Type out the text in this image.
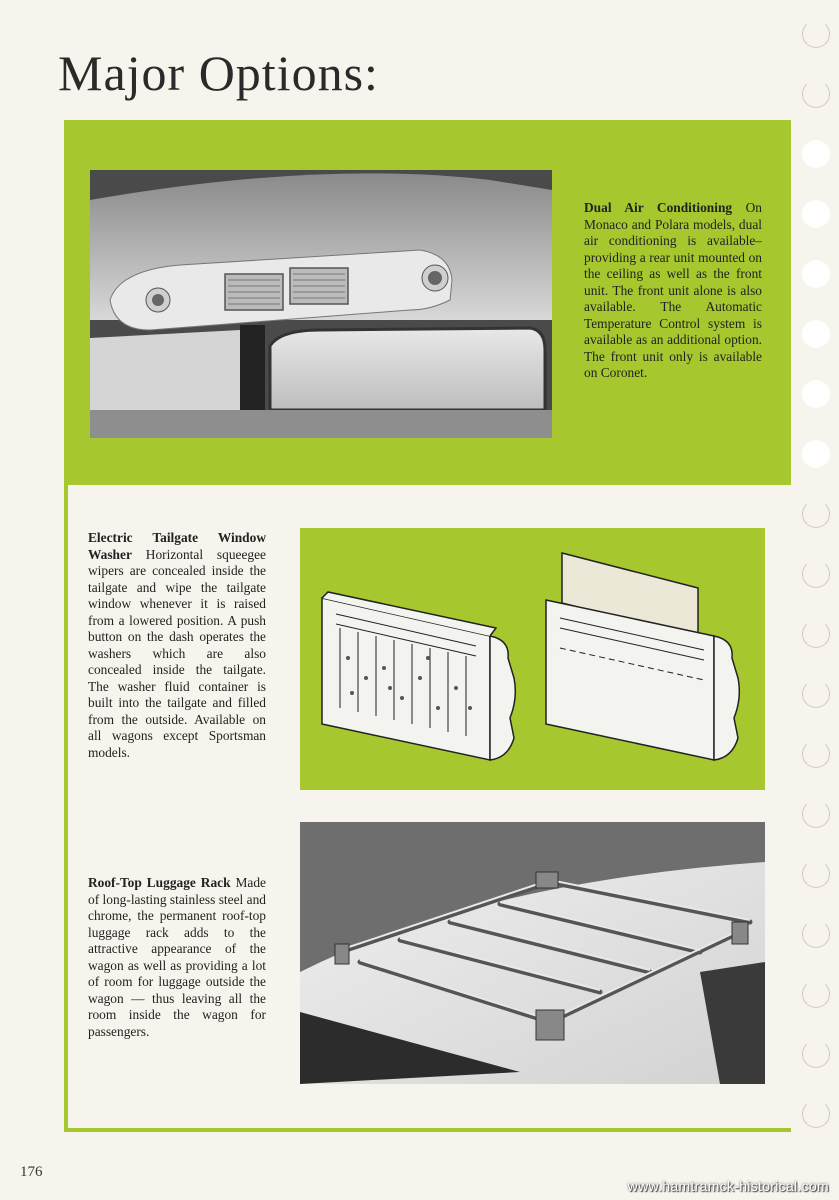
Major Options:
Dual Air Conditioning On Monaco and Polara models, dual air conditioning is available–providing a rear unit mounted on the ceiling as well as the front unit. The front unit alone is also available. The Automatic Temperature Control system is available as an additional option. The front unit only is available on Coronet.
Electric Tailgate Window Washer Horizontal squeegee wipers are concealed inside the tailgate and wipe the tailgate window whenever it is raised from a lowered position. A push button on the dash operates the washers which are also concealed inside the tailgate. The washer fluid container is built into the tailgate and filled from the outside. Available on all wagons except Sportsman models.
Roof-Top Luggage Rack Made of long-lasting stainless steel and chrome, the permanent roof-top luggage rack adds to the attractive appearance of the wagon as well as providing a lot of room for luggage outside the wagon — thus leaving all the room inside the wagon for passengers.
176
www.hamtramck-historical.com
